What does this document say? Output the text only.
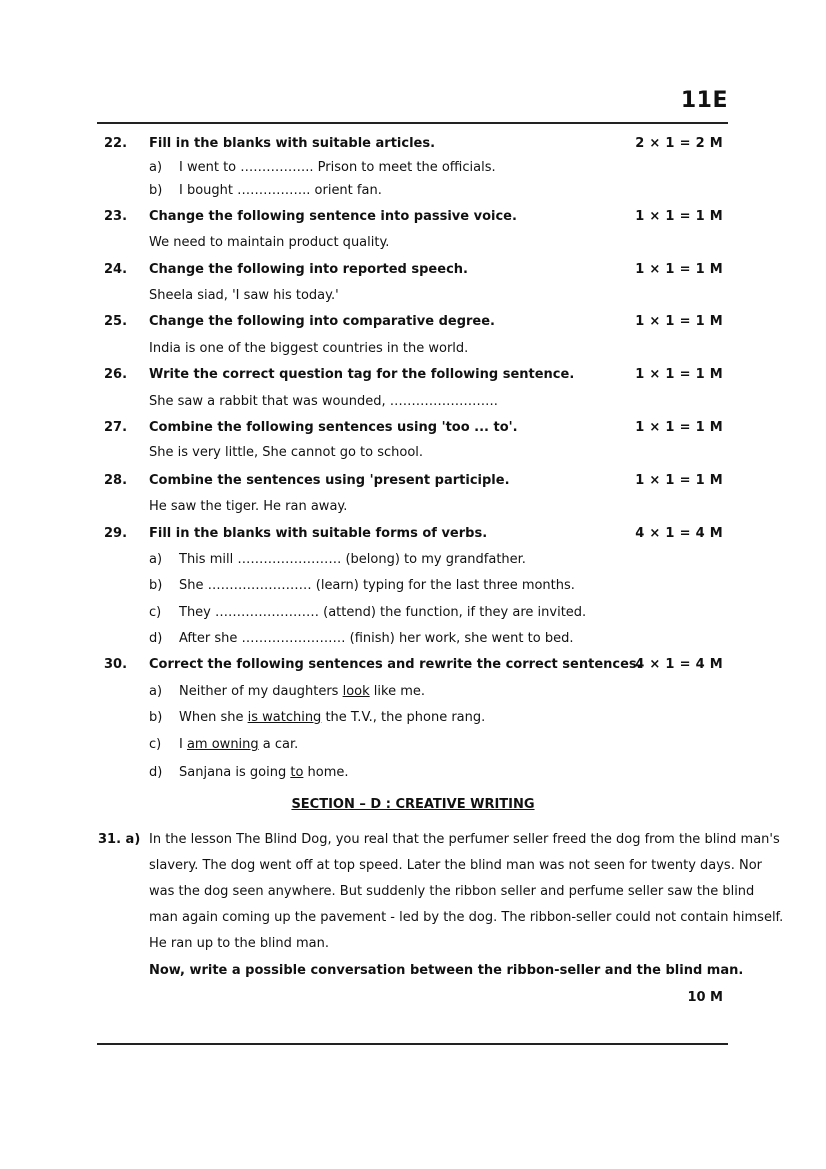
11E
22. Fill in the blanks with suitable articles.	2 × 1 = 2 M
a) I went to …………….. Prison to meet the officials.
b) I bought …………….. orient fan.
23. Change the following sentence into passive voice.	1 × 1 = 1 M
We need to maintain product quality.
24. Change the following into reported speech.	1 × 1 = 1 M
Sheela siad, 'I saw his today.'
25. Change the following into comparative degree.	1 × 1 = 1 M
India is one of the biggest countries in the world.
26. Write the correct question tag for the following sentence.	1 × 1 = 1 M
She saw a rabbit that was wounded, …………………….
27. Combine the following sentences using 'too ... to'.	1 × 1 = 1 M
She is very little, She cannot go to school.
28. Combine the sentences using 'present participle.	1 × 1 = 1 M
He saw the tiger. He ran away.
29. Fill in the blanks with suitable forms of verbs.	4 × 1 = 4 M
a) This mill …………………… (belong) to my grandfather.
b) She …………………… (learn) typing for the last three months.
c) They …………………… (attend) the function, if they are invited.
d) After she …………………… (finish) her work, she went to bed.
30. Correct the following sentences and rewrite the correct sentences.
4 × 1 = 4 M
a) Neither of my daughters look like me.
b) When she is watching the T.V., the phone rang.
c) I am owning a car.
d) Sanjana is going to home.
SECTION – D : CREATIVE WRITING
31. a) In the lesson The Blind Dog, you real that the perfumer seller freed the dog from the blind man's
slavery. The dog went off at top speed. Later the blind man was not seen for twenty days. Nor
was the dog seen anywhere. But suddenly the ribbon seller and perfume seller saw the blind
man again coming up the pavement - led by the dog. The ribbon-seller could not contain himself.
He ran up to the blind man.
Now, write a possible conversation between the ribbon-seller and the blind man.
10 M
